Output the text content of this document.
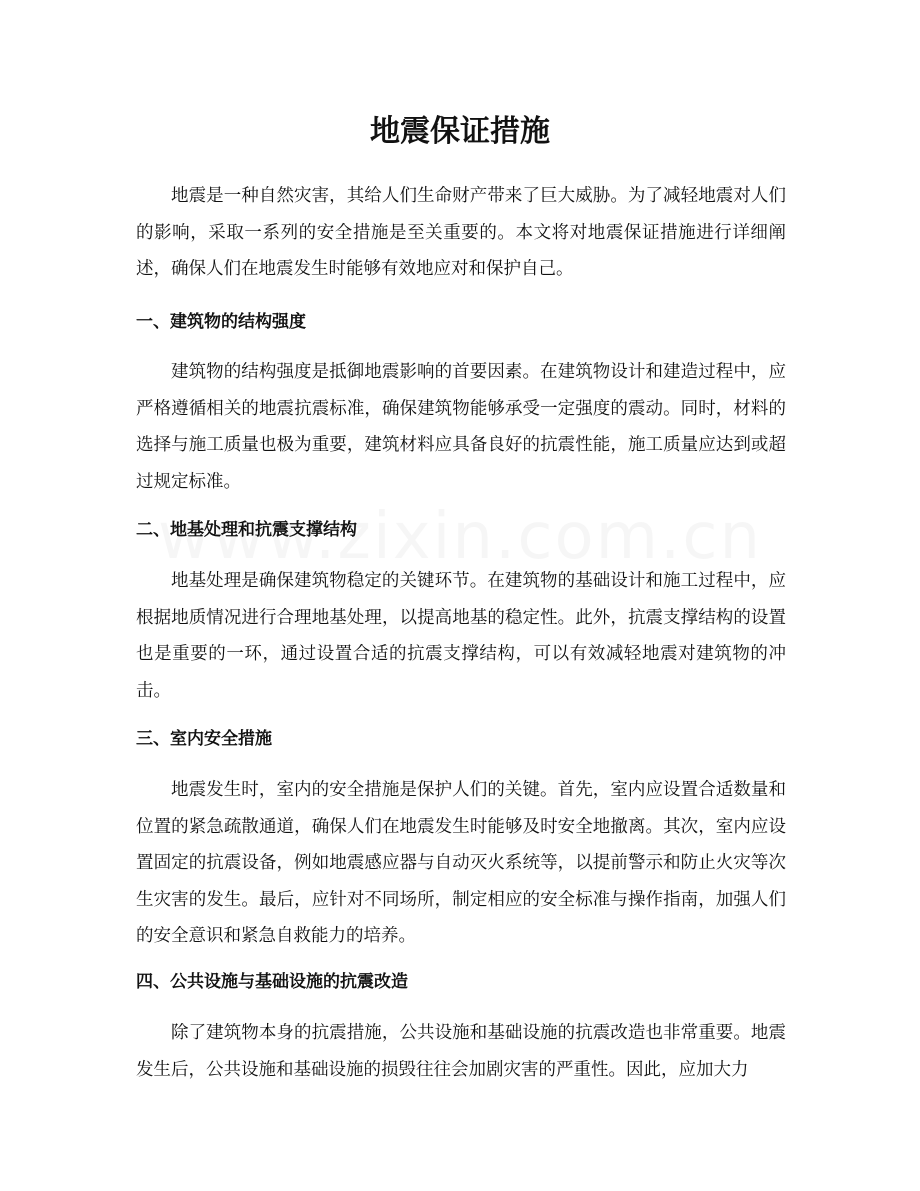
地震保证措施

地震是一种自然灾害，其给人们生命财产带来了巨大威胁。为了减轻地震对人们的影响，采取一系列的安全措施是至关重要的。本文将对地震保证措施进行详细阐述，确保人们在地震发生时能够有效地应对和保护自己。

一、建筑物的结构强度

建筑物的结构强度是抵御地震影响的首要因素。在建筑物设计和建造过程中，应严格遵循相关的地震抗震标准，确保建筑物能够承受一定强度的震动。同时，材料的选择与施工质量也极为重要，建筑材料应具备良好的抗震性能，施工质量应达到或超过规定标准。

二、地基处理和抗震支撑结构

地基处理是确保建筑物稳定的关键环节。在建筑物的基础设计和施工过程中，应根据地质情况进行合理地基处理，以提高地基的稳定性。此外，抗震支撑结构的设置也是重要的一环，通过设置合适的抗震支撑结构，可以有效减轻地震对建筑物的冲击。

三、室内安全措施

地震发生时，室内的安全措施是保护人们的关键。首先，室内应设置合适数量和位置的紧急疏散通道，确保人们在地震发生时能够及时安全地撤离。其次，室内应设置固定的抗震设备，例如地震感应器与自动灭火系统等，以提前警示和防止火灾等次生灾害的发生。最后，应针对不同场所，制定相应的安全标准与操作指南，加强人们的安全意识和紧急自救能力的培养。

四、公共设施与基础设施的抗震改造

除了建筑物本身的抗震措施，公共设施和基础设施的抗震改造也非常重要。地震发生后，公共设施和基础设施的损毁往往会加剧灾害的严重性。因此，应加大力
